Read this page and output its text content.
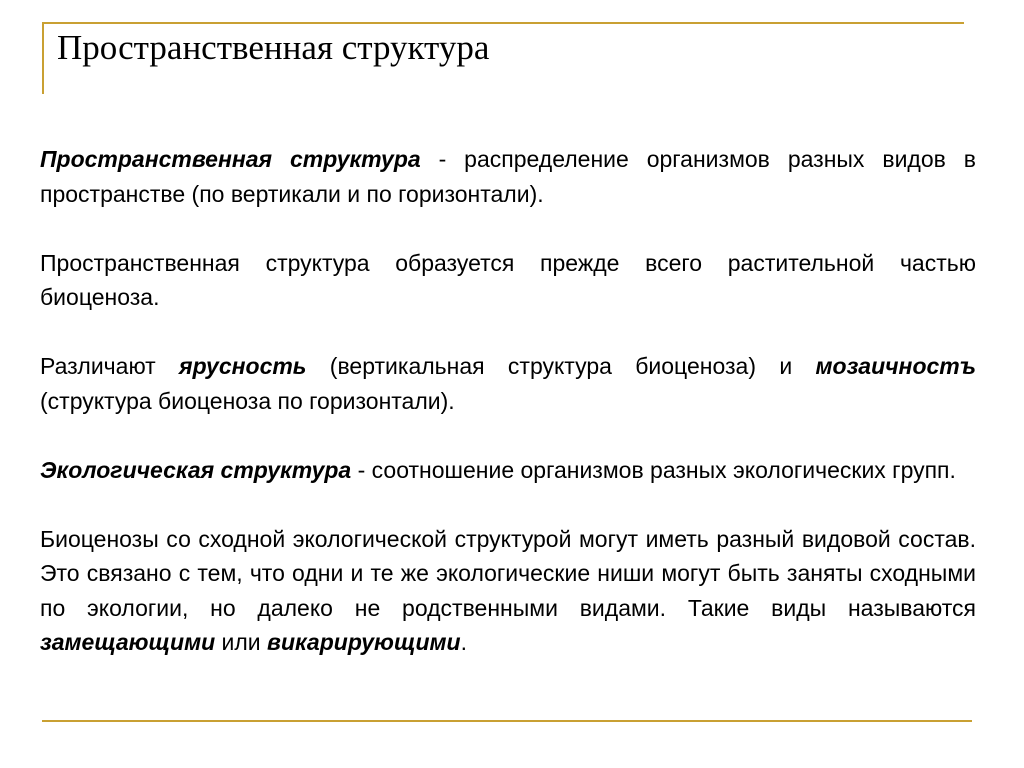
Пространственная структура

Пространственная структура - распределение организмов разных видов в пространстве (по вертикали и по горизонтали).

Пространственная структура образуется прежде всего растительной частью биоценоза.

Различают ярусность (вертикальная структура биоценоза) и мозаичностъ (структура биоценоза по горизонтали).

Экологическая структура - соотношение организмов разных экологических групп.

Биоценозы со сходной экологической структурой могут иметь разный видовой состав. Это связано с тем, что одни и те же экологические ниши могут быть заняты сходными по экологии, но далеко не родственными видами. Такие виды называются замещающими или викарирующими.
